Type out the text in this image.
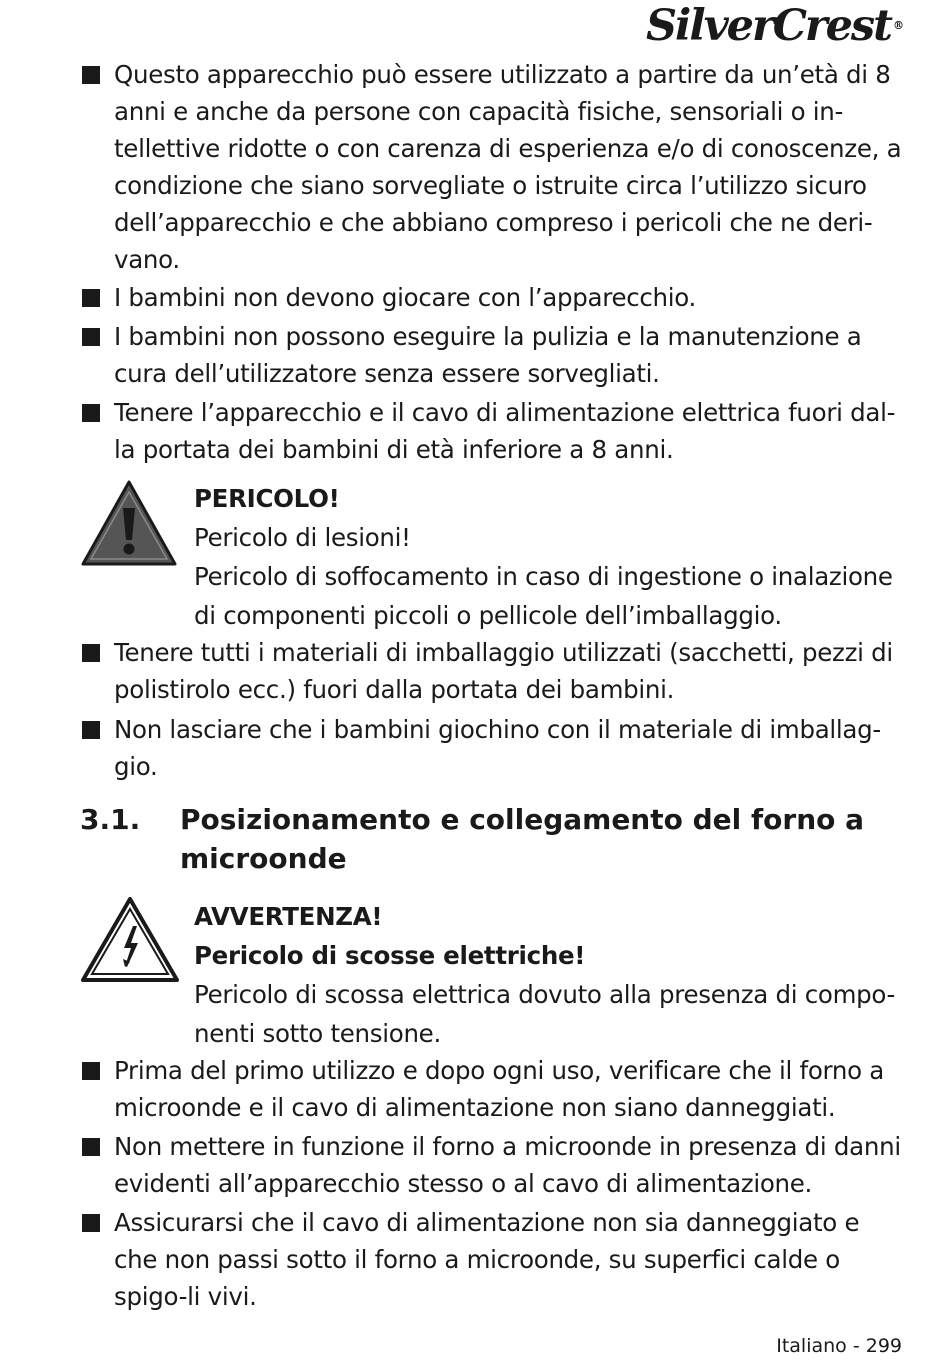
SilverCrest ®
Questo apparecchio può essere utilizzato a partire da un’età di 8 anni e anche da persone con capacità fisiche, sensoriali o in-tellettive ridotte o con carenza di esperienza e/o di conoscenze, a condizione che siano sorvegliate o istruite circa l’utilizzo sicuro dell’apparecchio e che abbiano compreso i pericoli che ne deri-vano.
I bambini non devono giocare con l’apparecchio.
I bambini non possono eseguire la pulizia e la manutenzione a cura dell’utilizzatore senza essere sorvegliati.
Tenere l’apparecchio e il cavo di alimentazione elettrica fuori dal-la portata dei bambini di età inferiore a 8 anni.
PERICOLO!
Pericolo di lesioni!
Pericolo di soffocamento in caso di ingestione o inalazione di componenti piccoli o pellicole dell’imballaggio.
Tenere tutti i materiali di imballaggio utilizzati (sacchetti, pezzi di polistirolo ecc.) fuori dalla portata dei bambini.
Non lasciare che i bambini giochino con il materiale di imballag-gio.
3.1. Posizionamento e collegamento del forno a microonde
AVVERTENZA!
Pericolo di scosse elettriche!
Pericolo di scossa elettrica dovuto alla presenza di compo-nenti sotto tensione.
Prima del primo utilizzo e dopo ogni uso, verificare che il forno a microonde e il cavo di alimentazione non siano danneggiati.
Non mettere in funzione il forno a microonde in presenza di danni evidenti all’apparecchio stesso o al cavo di alimentazione.
Assicurarsi che il cavo di alimentazione non sia danneggiato e che non passi sotto il forno a microonde, su superfici calde o spigo-li vivi.
Italiano - 299
